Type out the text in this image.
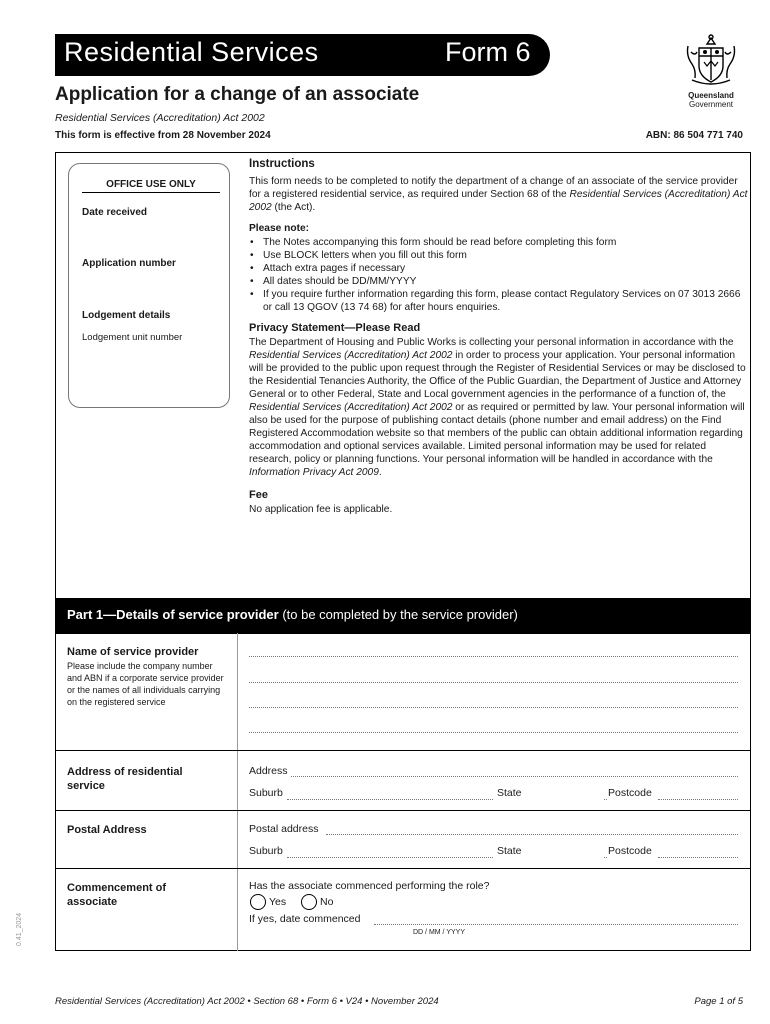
Residential Services	Form 6
Queensland
Government
Application for a change of an associate
Residential Services (Accreditation) Act 2002
This form is effective from 28 November 2024	ABN: 86 504 771 740
OFFICE USE ONLY
Date received
Application number
Lodgement details
Lodgement unit number
Instructions

This form needs to be completed to notify the department of a change of an associate of the service provider for a registered residential service, as required under Section 68 of the Residential Services (Accreditation) Act 2002 (the Act).

Please note:
• The Notes accompanying this form should be read before completing this form
• Use BLOCK letters when you fill out this form
• Attach extra pages if necessary
• All dates should be DD/MM/YYYY
• If you require further information regarding this form, please contact Regulatory Services on 07 3013 2666 or call 13 QGOV (13 74 68) for after hours enquiries.
Privacy Statement—Please Read

The Department of Housing and Public Works is collecting your personal information in accordance with the Residential Services (Accreditation) Act 2002 in order to process your application. Your personal information will be provided to the public upon request through the Register of Residential Services or may be disclosed to the Residential Tenancies Authority, the Office of the Public Guardian, the Department of Justice and Attorney General or to other Federal, State and Local government agencies in the performance of a function of, the Residential Services (Accreditation) Act 2002 or as required or permitted by law. Your personal information will also be used for the purpose of publishing contact details (phone number and email address) on the Find Registered Accommodation website so that members of the public can obtain additional information regarding accommodation and optional services available. Limited personal information may be used for related research, policy or planning functions. Your personal information will be handled in accordance with the Information Privacy Act 2009.

Fee

No application fee is applicable.

Part 1—Details of service provider (to be completed by the service provider)
Name of service provider
Please include the company number and ABN if a corporate service provider or the names of all individuals carrying on the registered service
Address of residential service
Address
Suburb	State	Postcode
Postal Address	Postal address
Suburb	State	Postcode
Commencement of associate
Has the associate commenced performing the role?
Yes	No
If yes, date commenced
DD / MM / YYYY
0.41_2024
Residential Services (Accreditation) Act 2002 • Section 68 • Form 6 • V24 • November 2024	Page 1 of 5
